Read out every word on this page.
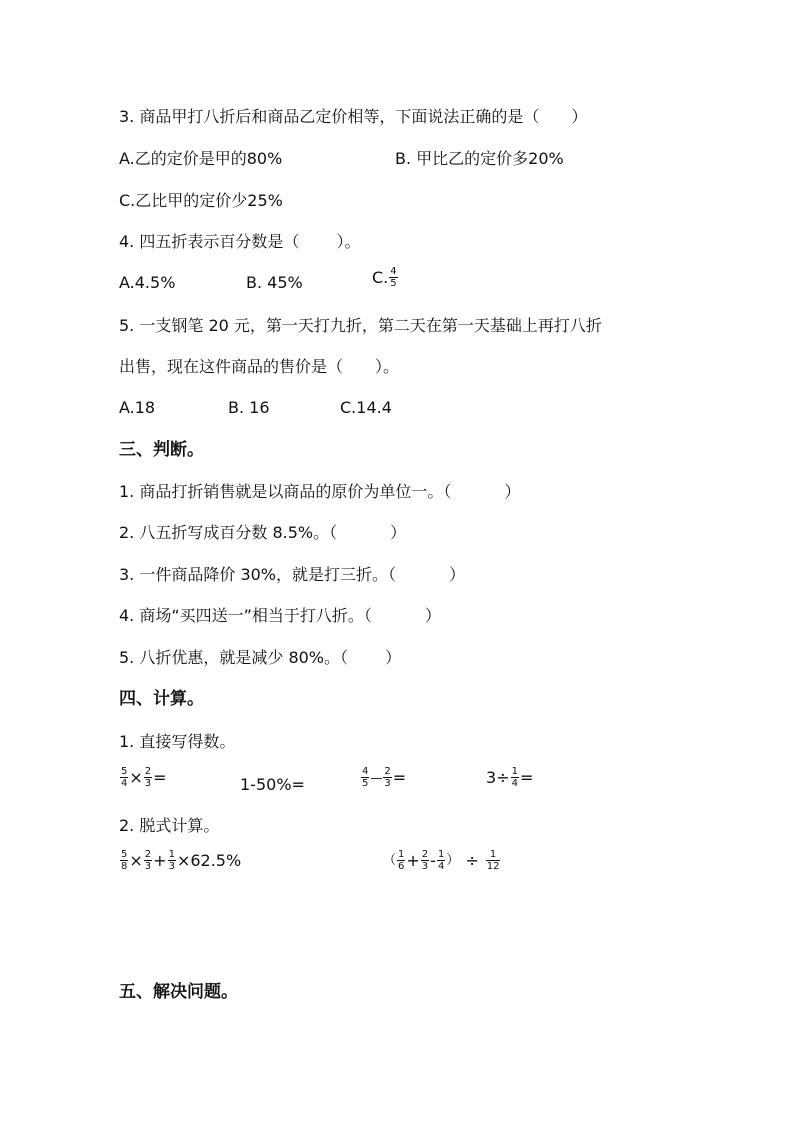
3. 商品甲打八折后和商品乙定价相等，下面说法正确的是（　　）
A.乙的定价是甲的80%	B. 甲比乙的定价多20%
C.乙比甲的定价少25%
4. 四五折表示百分数是（　　 ）。
A.4.5%	B. 45%	C. $\frac{4}{5}$
5. 一支钢笔 20 元，第一天打九折，第二天在第一天基础上再打八折
出售，现在这件商品的售价是（　　）。
A.18	B. 16	C.14.4
三、判断。
1. 商品打折销售就是以商品的原价为单位一。（　　　 ）
2. 八五折写成百分数 8.5%。（　　　 ）
3. 一件商品降价 30%，就是打三折。（　　　 ）
4. 商场“买四送一”相当于打八折。（　　　 ）
5. 八折优惠，就是减少 80%。（　　 ）
四、计算。
1. 直接写得数。
$\frac{5}{4} \times \frac{2}{3}$ =	1-50%=	$\frac{4}{5}$ — $\frac{2}{3}$ =	$3\div \frac{1}{4}$ =
2. 脱式计算。
$\frac{5}{8} \times \frac{2}{3} + \frac{1}{3} \times 62.5\%$	（ $\frac{1}{6} + \frac{2}{3} - \frac{1}{4}$ ） ÷ $\frac{1}{12}$
五、解决问题。
